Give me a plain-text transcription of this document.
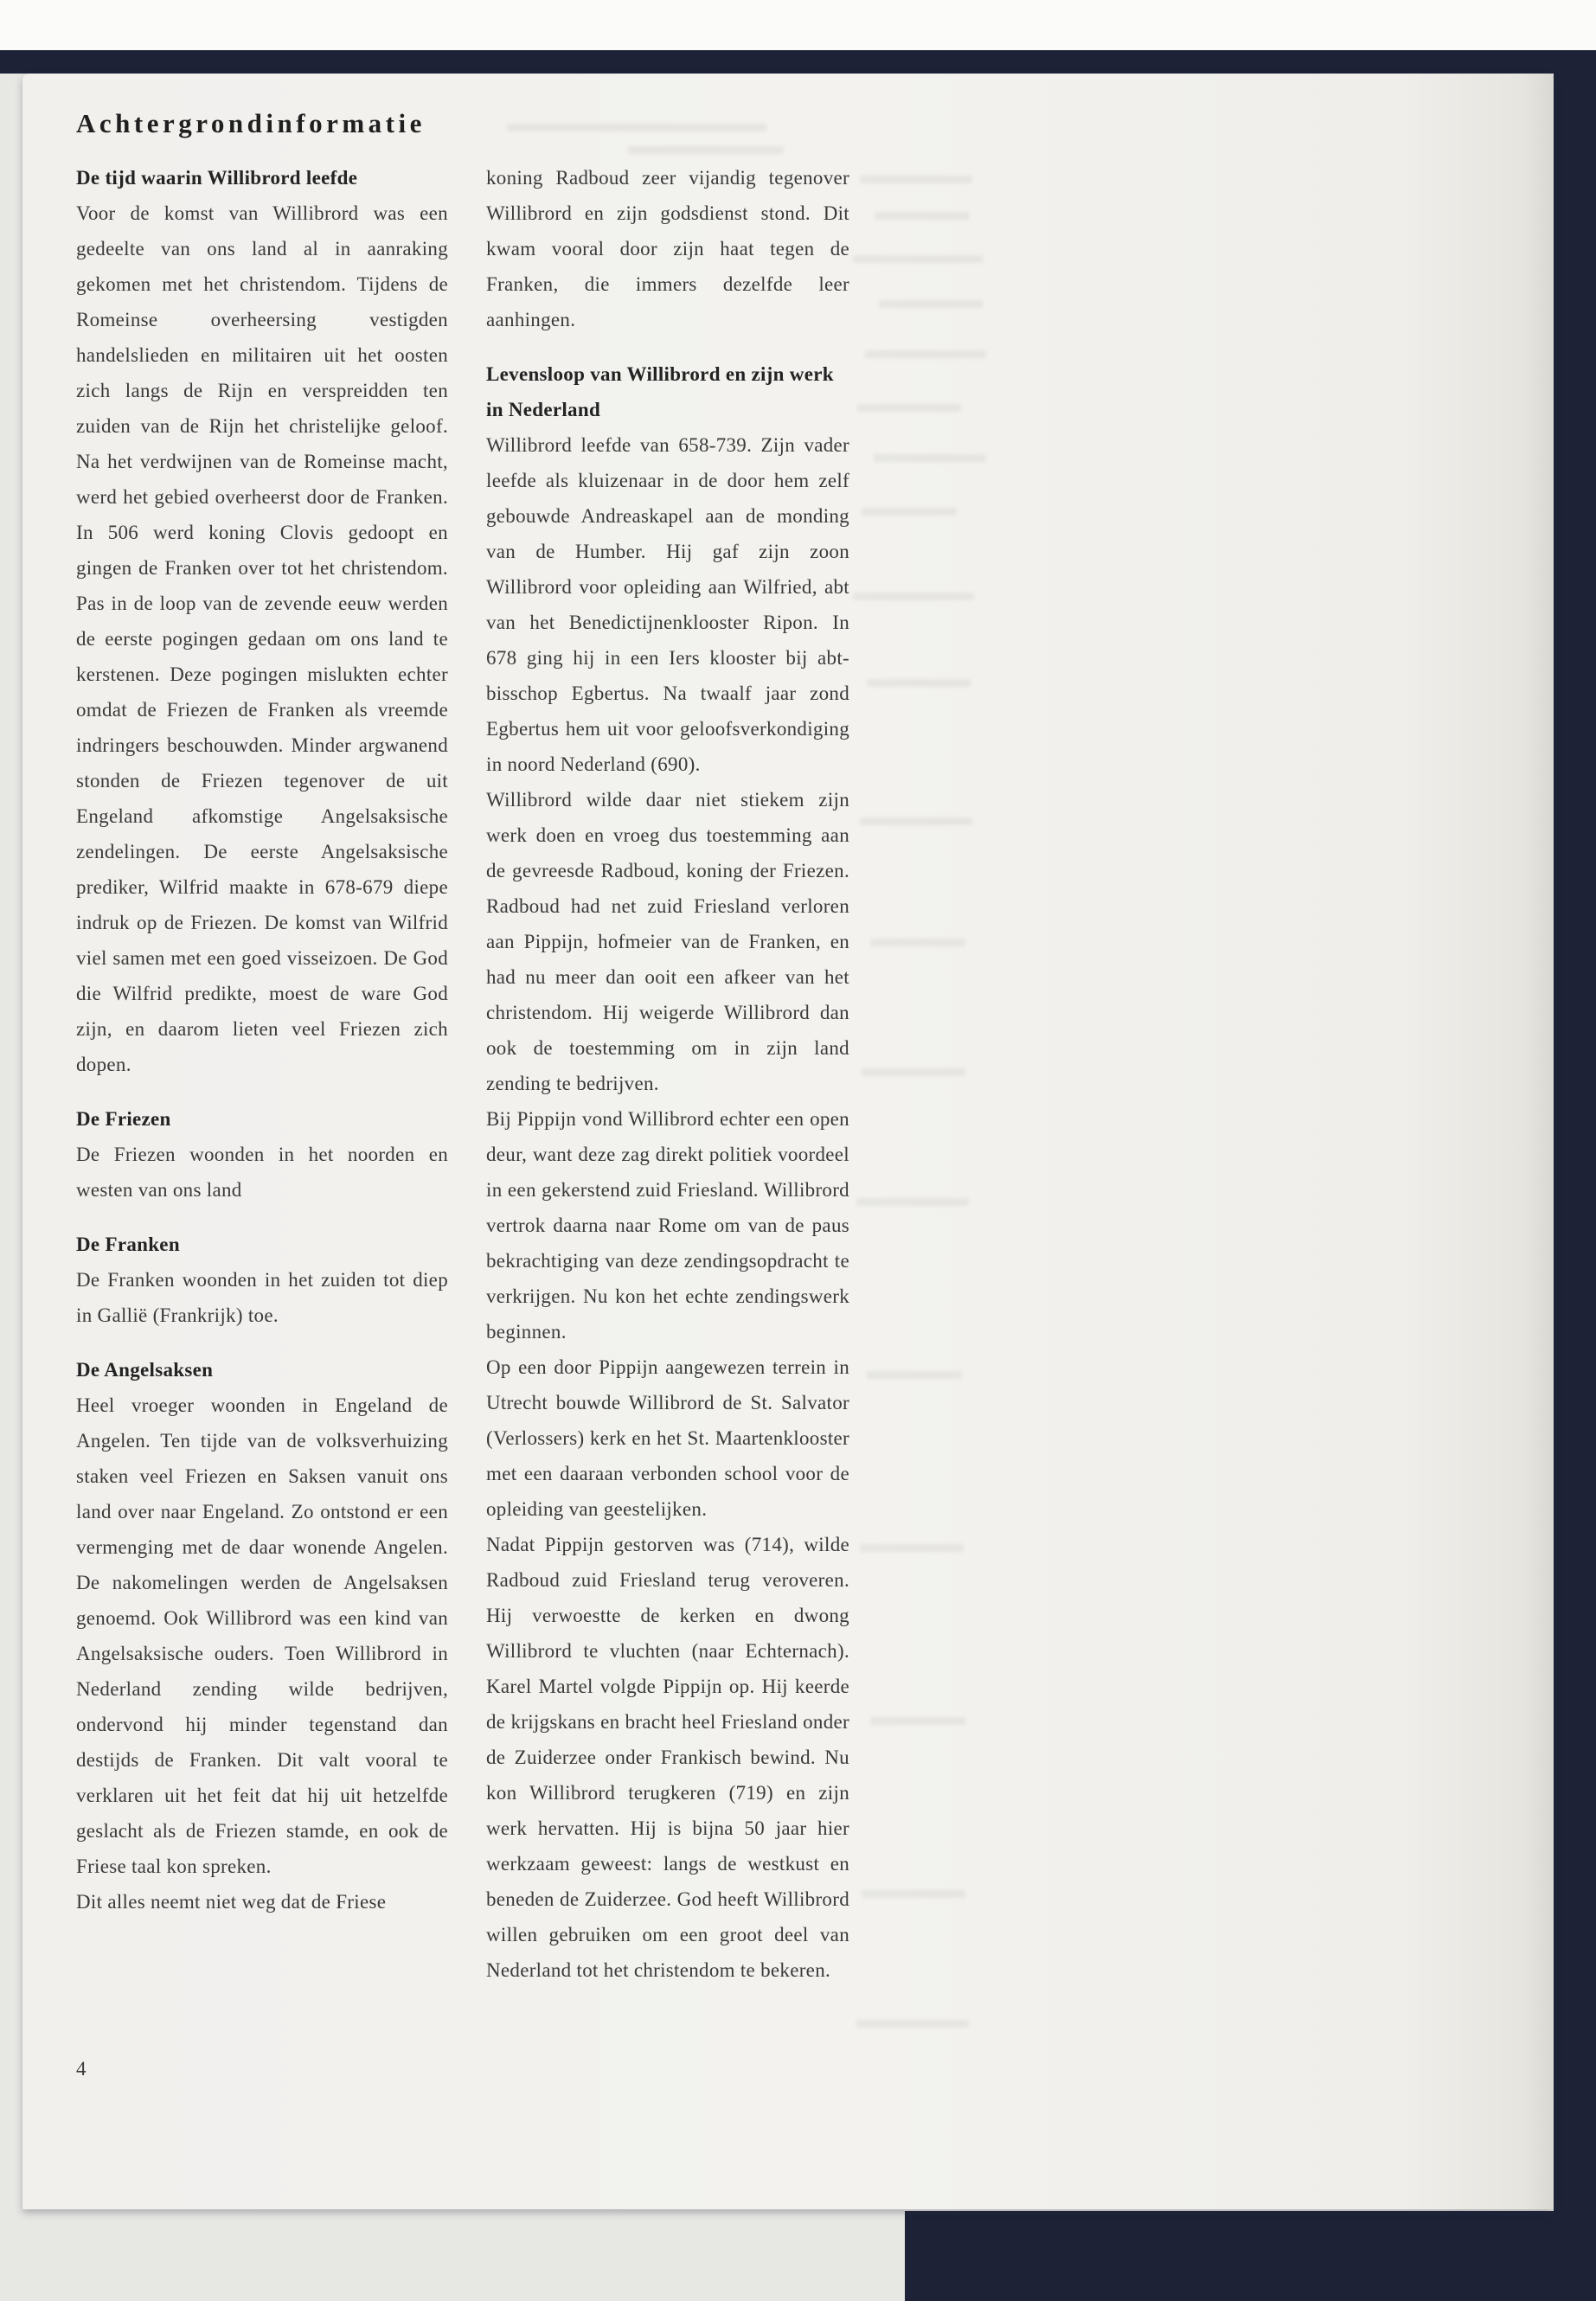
Achtergrondinformatie
De tijd waarin Willibrord leefde

Voor de komst van Willibrord was een gedeelte van ons land al in aanraking gekomen met het christendom. Tijdens de Romeinse overheersing vestigden handelslieden en militairen uit het oosten zich langs de Rijn en verspreidden ten zuiden van de Rijn het christelijke geloof. Na het verdwijnen van de Romeinse macht, werd het gebied overheerst door de Franken. In 506 werd koning Clovis gedoopt en gingen de Franken over tot het christendom. Pas in de loop van de zevende eeuw werden de eerste pogingen gedaan om ons land te kerstenen. Deze pogingen mislukten echter omdat de Friezen de Franken als vreemde indringers beschouwden. Minder argwanend stonden de Friezen tegenover de uit Engeland afkomstige Angelsaksische zendelingen. De eerste Angelsaksische prediker, Wilfrid maakte in 678-679 diepe indruk op de Friezen. De komst van Wilfrid viel samen met een goed visseizoen. De God die Wilfrid predikte, moest de ware God zijn, en daarom lieten veel Friezen zich dopen.

De Friezen

De Friezen woonden in het noorden en westen van ons land

De Franken

De Franken woonden in het zuiden tot diep in Gallië (Frankrijk) toe.

De Angelsaksen

Heel vroeger woonden in Engeland de Angelen. Ten tijde van de volksverhuizing staken veel Friezen en Saksen vanuit ons land over naar Engeland. Zo ontstond er een vermenging met de daar wonende Angelen. De nakomelingen werden de Angelsaksen genoemd. Ook Willibrord was een kind van Angelsaksische ouders. Toen Willibrord in Nederland zending wilde bedrijven, ondervond hij minder tegenstand dan destijds de Franken. Dit valt vooral te verklaren uit het feit dat hij uit hetzelfde geslacht als de Friezen stamde, en ook de Friese taal kon spreken.

Dit alles neemt niet weg dat de Friese

koning Radboud zeer vijandig tegenover Willibrord en zijn godsdienst stond. Dit kwam vooral door zijn haat tegen de Franken, die immers dezelfde leer aanhingen.

Levensloop van Willibrord en zijn werk in Nederland

Willibrord leefde van 658-739. Zijn vader leefde als kluizenaar in de door hem zelf gebouwde Andreaskapel aan de monding van de Humber. Hij gaf zijn zoon Willibrord voor opleiding aan Wilfried, abt van het Benedictijnenklooster Ripon. In 678 ging hij in een Iers klooster bij abt-bisschop Egbertus. Na twaalf jaar zond Egbertus hem uit voor geloofsverkondiging in noord Nederland (690).

Willibrord wilde daar niet stiekem zijn werk doen en vroeg dus toestemming aan de gevreesde Radboud, koning der Friezen. Radboud had net zuid Friesland verloren aan Pippijn, hofmeier van de Franken, en had nu meer dan ooit een afkeer van het christendom. Hij weigerde Willibrord dan ook de toestemming om in zijn land zending te bedrijven.

Bij Pippijn vond Willibrord echter een open deur, want deze zag direkt politiek voordeel in een gekerstend zuid Friesland. Willibrord vertrok daarna naar Rome om van de paus bekrachtiging van deze zendingsopdracht te verkrijgen. Nu kon het echte zendingswerk beginnen.

Op een door Pippijn aangewezen terrein in Utrecht bouwde Willibrord de St. Salvator (Verlossers) kerk en het St. Maartenklooster met een daaraan verbonden school voor de opleiding van geestelijken.

Nadat Pippijn gestorven was (714), wilde Radboud zuid Friesland terug veroveren. Hij verwoestte de kerken en dwong Willibrord te vluchten (naar Echternach). Karel Martel volgde Pippijn op. Hij keerde de krijgskans en bracht heel Friesland onder de Zuiderzee onder Frankisch bewind. Nu kon Willibrord terugkeren (719) en zijn werk hervatten. Hij is bijna 50 jaar hier werkzaam geweest: langs de westkust en beneden de Zuiderzee. God heeft Willibrord willen gebruiken om een groot deel van Nederland tot het christendom te bekeren.

4
